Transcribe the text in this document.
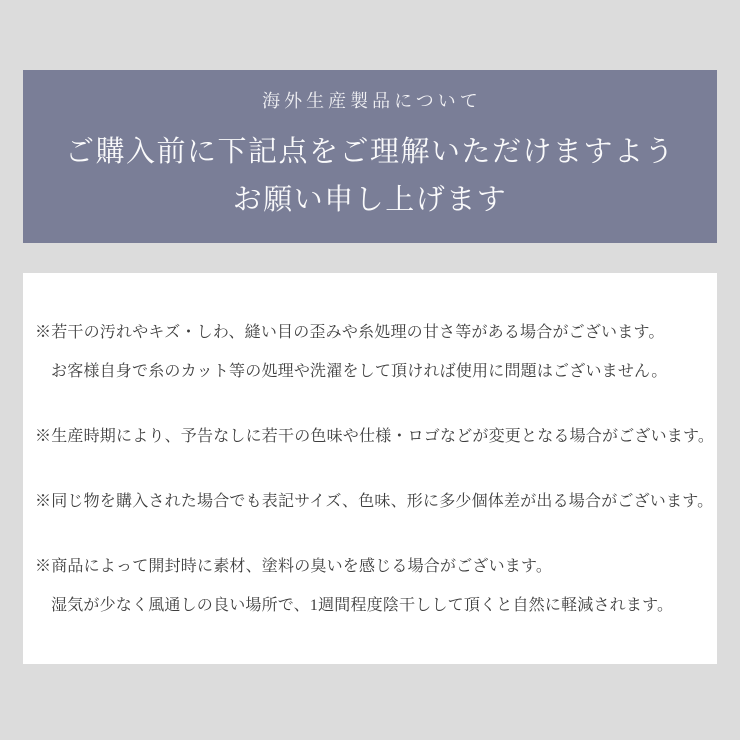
海外生産製品について
ご購入前に下記点をご理解いただけますよう
お願い申し上げます
※若干の汚れやキズ・しわ、縫い目の歪みや糸処理の甘さ等がある場合がございます。
お客様自身で糸のカット等の処理や洗濯をして頂ければ使用に問題はございません。
※生産時期により、予告なしに若干の色味や仕様・ロゴなどが変更となる場合がございます。
※同じ物を購入された場合でも表記サイズ、色味、形に多少個体差が出る場合がございます。
※商品によって開封時に素材、塗料の臭いを感じる場合がございます。
湿気が少なく風通しの良い場所で、1週間程度陰干しして頂くと自然に軽減されます。
